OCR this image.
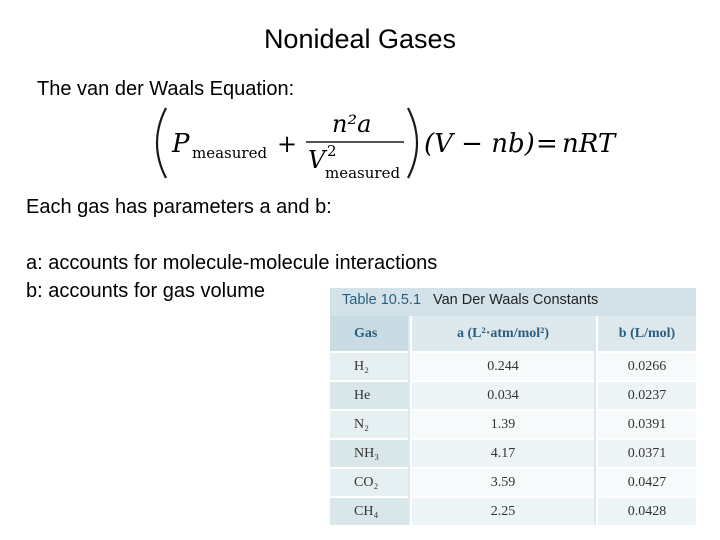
Nonideal Gases
The van der Waals Equation:
P measured +
n²a
V 2
measured
(V − nb) = nRT
Each gas has parameters a and b:
a: accounts for molecule-molecule interactions
b: accounts for gas volume	Table 10.5.1 Van Der Waals Constants
Gas	a (L²·atm/mol²)	b (L/mol)
H₂	0.244	0.0266
He	0.034	0.0237
N₂	1.39	0.0391
NH₃	4.17	0.0371
CO₂	3.59	0.0427
CH₄	2.25	0.0428
